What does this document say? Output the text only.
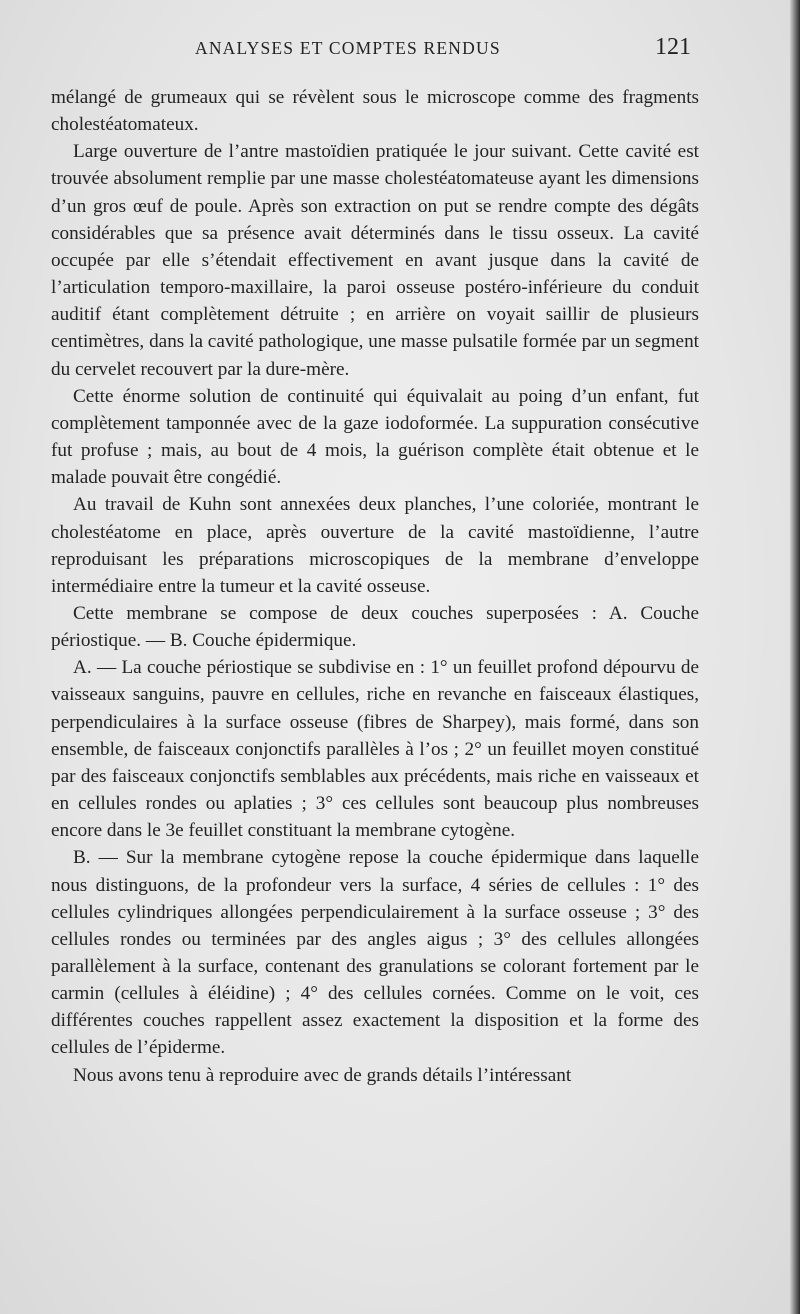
ANALYSES ET COMPTES RENDUS	121

mélangé de grumeaux qui se révèlent sous le microscope comme des fragments cholestéatomateux.

Large ouverture de l’antre mastoïdien pratiquée le jour suivant. Cette cavité est trouvée absolument remplie par une masse cholestéatomateuse ayant les dimensions d’un gros œuf de poule. Après son extraction on put se rendre compte des dégâts considérables que sa présence avait déterminés dans le tissu osseux. La cavité occupée par elle s’étendait effectivement en avant jusque dans la cavité de l’articulation temporo-maxillaire, la paroi osseuse postéro-inférieure du conduit auditif étant complètement détruite ; en arrière on voyait saillir de plusieurs centimètres, dans la cavité pathologique, une masse pulsatile formée par un segment du cervelet recouvert par la dure-mère.

Cette énorme solution de continuité qui équivalait au poing d’un enfant, fut complètement tamponnée avec de la gaze iodoformée. La suppuration consécutive fut profuse ; mais, au bout de 4 mois, la guérison complète était obtenue et le malade pouvait être congédié.

Au travail de Kuhn sont annexées deux planches, l’une coloriée, montrant le cholestéatome en place, après ouverture de la cavité mastoïdienne, l’autre reproduisant les préparations microscopiques de la membrane d’enveloppe intermédiaire entre la tumeur et la cavité osseuse.

Cette membrane se compose de deux couches superposées : A. Couche périostique. — B. Couche épidermique.

A. — La couche périostique se subdivise en : 1° un feuillet profond dépourvu de vaisseaux sanguins, pauvre en cellules, riche en revanche en faisceaux élastiques, perpendiculaires à la surface osseuse (fibres de Sharpey), mais formé, dans son ensemble, de faisceaux conjonctifs parallèles à l’os ; 2° un feuillet moyen constitué par des faisceaux conjonctifs semblables aux précédents, mais riche en vaisseaux et en cellules rondes ou aplaties ; 3° ces cellules sont beaucoup plus nombreuses encore dans le 3e feuillet constituant la membrane cytogène.

B. — Sur la membrane cytogène repose la couche épidermique dans laquelle nous distinguons, de la profondeur vers la surface, 4 séries de cellules : 1° des cellules cylindriques allongées perpendiculairement à la surface osseuse ; 3° des cellules rondes ou terminées par des angles aigus ; 3° des cellules allongées parallèlement à la surface, contenant des granulations se colorant fortement par le carmin (cellules à éléidine) ; 4° des cellules cornées. Comme on le voit, ces différentes couches rappellent assez exactement la disposition et la forme des cellules de l’épiderme.

Nous avons tenu à reproduire avec de grands détails l’intéressant
